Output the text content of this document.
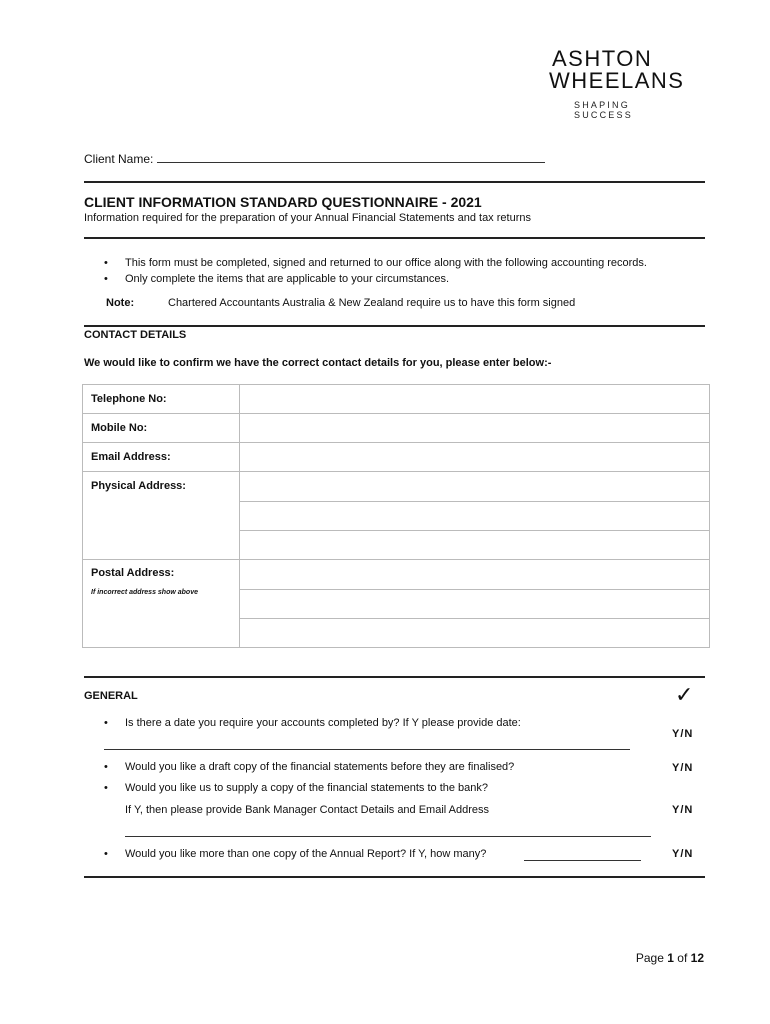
ASHTON
WHEELANS
SHAPING SUCCESS
Client Name:
CLIENT INFORMATION STANDARD QUESTIONNAIRE - 2021
Information required for the preparation of your Annual Financial Statements and tax returns
• This form must be completed, signed and returned to our office along with the following accounting records.
• Only complete the items that are applicable to your circumstances.
Note:	Chartered Accountants Australia & New Zealand require us to have this form signed
CONTACT DETAILS
We would like to confirm we have the correct contact details for you, please enter below:-
Telephone No:
Mobile No:
Email Address:
Physical Address:
Postal Address:
If incorrect address show above
GENERAL	✓
• Is there a date you require your accounts completed by? If Y please provide date:
Y/N
• Would you like a draft copy of the financial statements before they are finalised?	Y/N
• Would you like us to supply a copy of the financial statements to the bank?
If Y, then please provide Bank Manager Contact Details and Email Address	Y/N
• Would you like more than one copy of the Annual Report? If Y, how many?	Y/N
Page 1 of 12
